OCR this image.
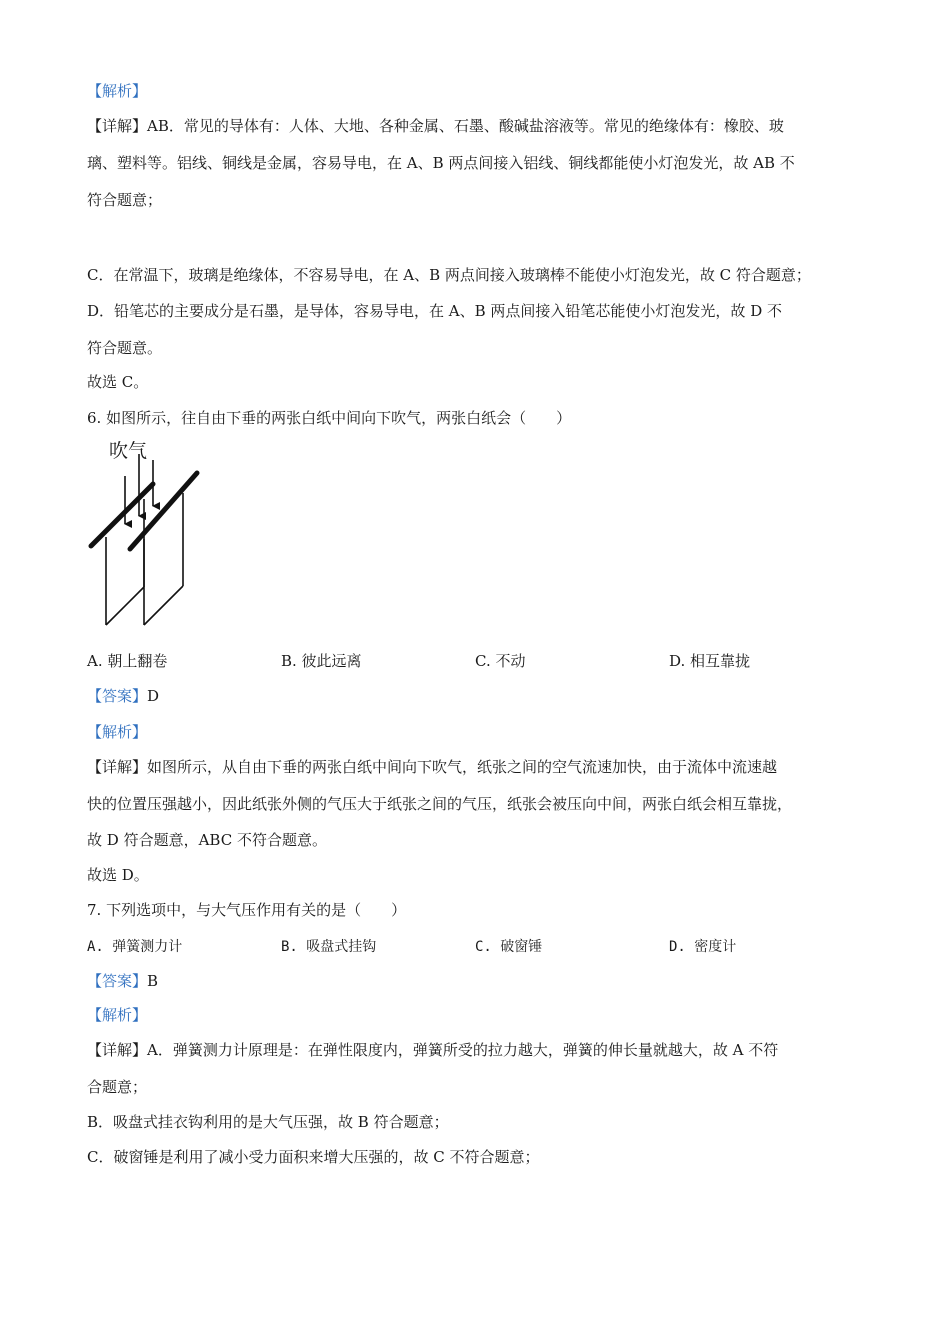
【解析】
【详解】AB．常见的导体有：人体、大地、各种金属、石墨、酸碱盐溶液等。常见的绝缘体有：橡胶、玻
璃、塑料等。铝线、铜线是金属，容易导电，在 A、B 两点间接入铝线、铜线都能使小灯泡发光，故 AB 不
符合题意；
C．在常温下，玻璃是绝缘体，不容易导电，在 A、B 两点间接入玻璃棒不能使小灯泡发光，故 C 符合题意；
D．铅笔芯的主要成分是石墨，是导体，容易导电，在 A、B 两点间接入铅笔芯能使小灯泡发光，故 D 不
符合题意。
故选 C。
6. 如图所示，往自由下垂的两张白纸中间向下吹气，两张白纸会（　　）
吹气
A. 朝上翻卷	B. 彼此远离	C. 不动	D. 相互靠拢
【答案】D
【解析】
【详解】如图所示，从自由下垂的两张白纸中间向下吹气，纸张之间的空气流速加快，由于流体中流速越
快的位置压强越小，因此纸张外侧的气压大于纸张之间的气压，纸张会被压向中间，两张白纸会相互靠拢，
故 D 符合题意，ABC 不符合题意。
故选 D。
7. 下列选项中，与大气压作用有关的是（　　）
A. 弹簧测力计	B. 吸盘式挂钩	C. 破窗锤	D. 密度计
【答案】B
【解析】
【详解】A．弹簧测力计原理是：在弹性限度内，弹簧所受的拉力越大，弹簧的伸长量就越大，故 A 不符
合题意；
B．吸盘式挂衣钩利用的是大气压强，故 B 符合题意；
C．破窗锤是利用了减小受力面积来增大压强的，故 C 不符合题意；
